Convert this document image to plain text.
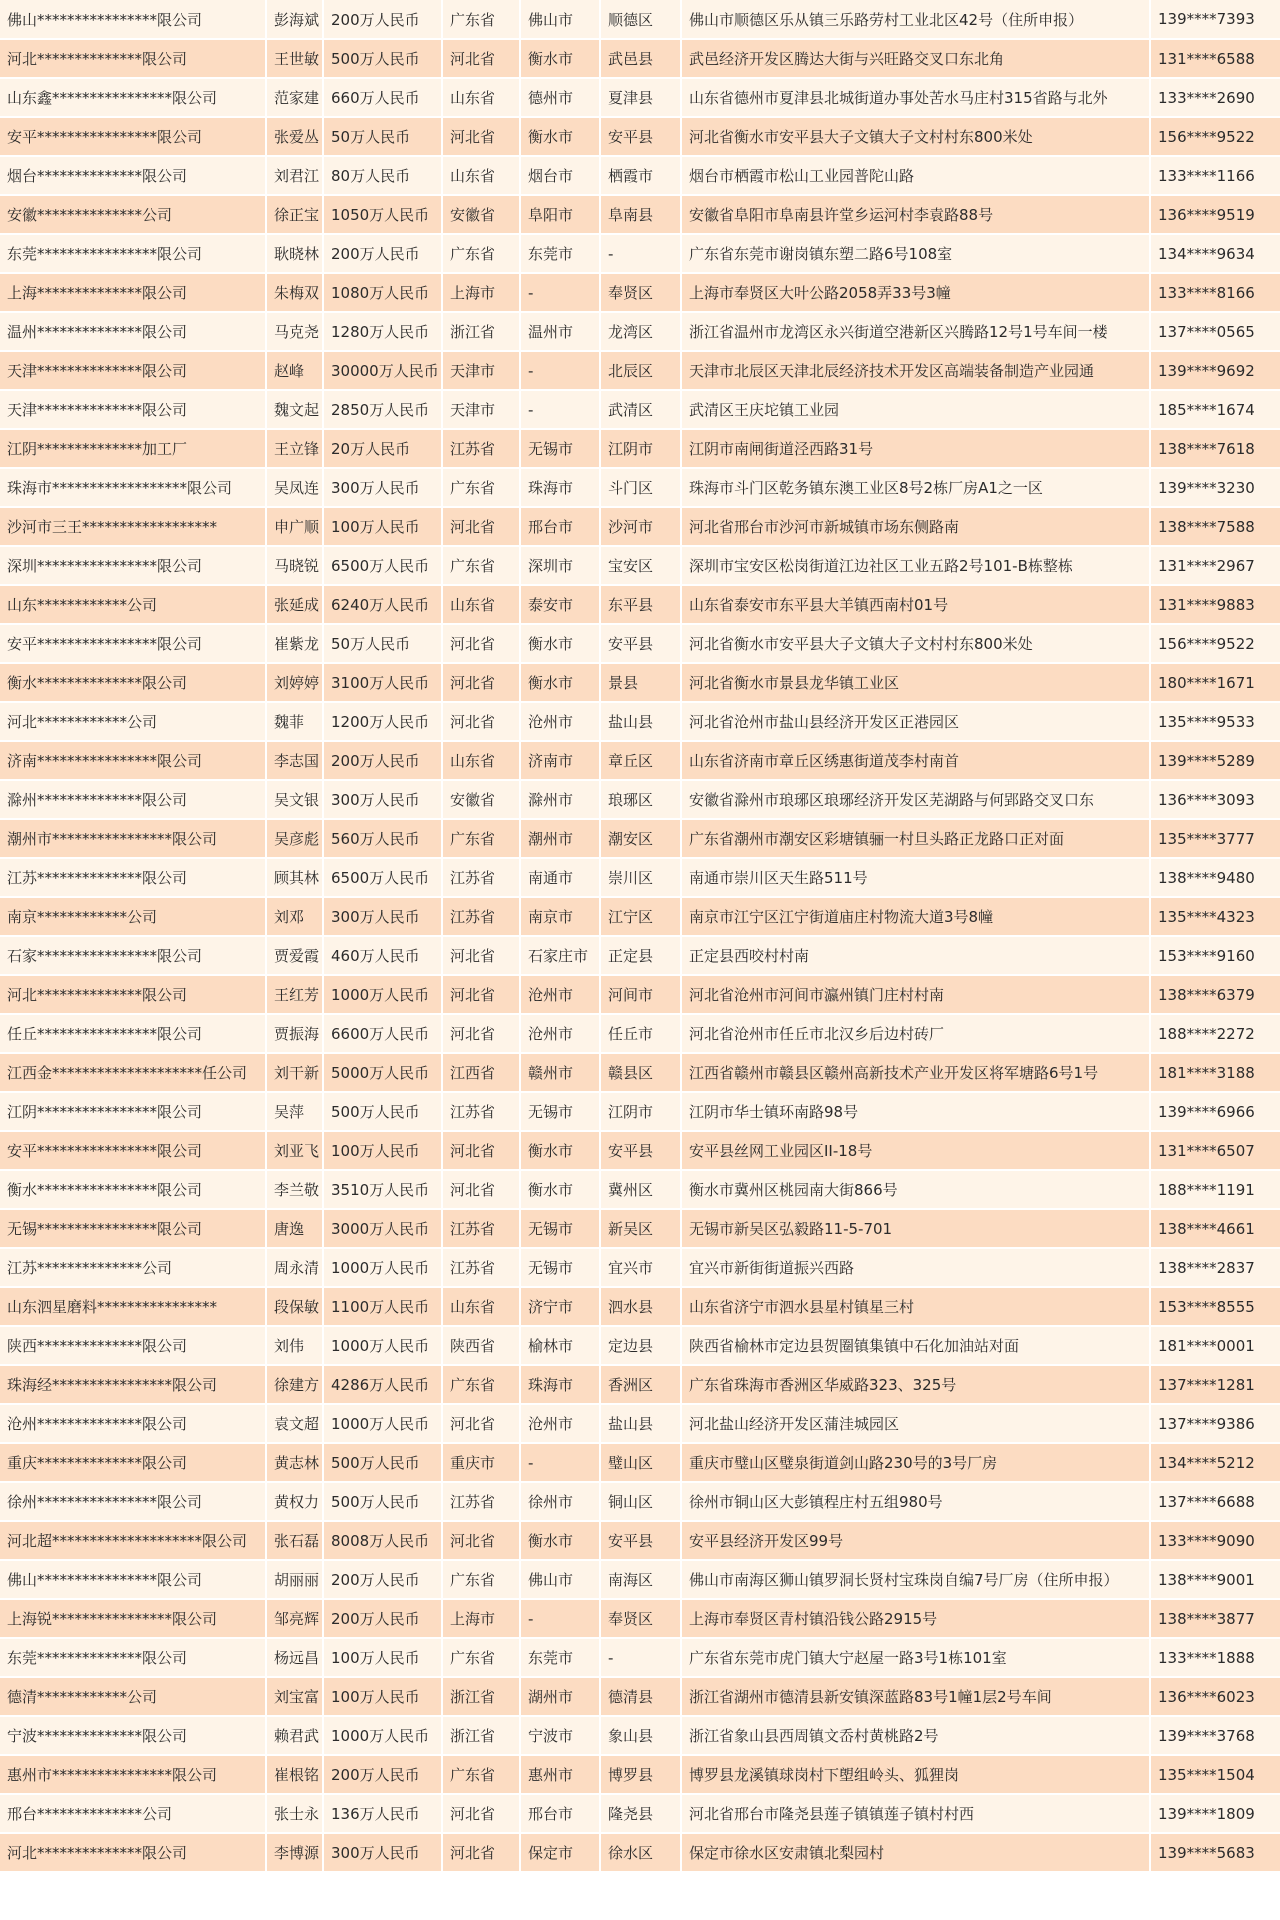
佛山****************限公司	彭海斌	200万人民币	广东省	佛山市	顺德区	佛山市顺德区乐从镇三乐路劳村工业北区42号（住所申报）	139****7393
河北**************限公司	王世敏	500万人民币	河北省	衡水市	武邑县	武邑经济开发区腾达大街与兴旺路交叉口东北角	131****6588
山东鑫****************限公司	范家建	660万人民币	山东省	德州市	夏津县	山东省德州市夏津县北城街道办事处苦水马庄村315省路与北外	133****2690
安平****************限公司	张爱丛	50万人民币	河北省	衡水市	安平县	河北省衡水市安平县大子文镇大子文村村东800米处	156****9522
烟台**************限公司	刘君江	80万人民币	山东省	烟台市	栖霞市	烟台市栖霞市松山工业园普陀山路	133****1166
安徽**************公司	徐正宝	1050万人民币	安徽省	阜阳市	阜南县	安徽省阜阳市阜南县许堂乡运河村李袁路88号	136****9519
东莞****************限公司	耿晓林	200万人民币	广东省	东莞市	-	广东省东莞市谢岗镇东塑二路6号108室	134****9634
上海**************限公司	朱梅双	1080万人民币	上海市	-	奉贤区	上海市奉贤区大叶公路2058弄33号3幢	133****8166
温州**************限公司	马克尧	1280万人民币	浙江省	温州市	龙湾区	浙江省温州市龙湾区永兴街道空港新区兴腾路12号1号车间一楼	137****0565
天津**************限公司	赵峰	30000万人民币	天津市	-	北辰区	天津市北辰区天津北辰经济技术开发区高端装备制造产业园通	139****9692
天津**************限公司	魏文起	2850万人民币	天津市	-	武清区	武清区王庆坨镇工业园	185****1674
江阴**************加工厂	王立锋	20万人民币	江苏省	无锡市	江阴市	江阴市南闸街道泾西路31号	138****7618
珠海市******************限公司	吴凤连	300万人民币	广东省	珠海市	斗门区	珠海市斗门区乾务镇东澳工业区8号2栋厂房A1之一区	139****3230
沙河市三王******************	申广顺	100万人民币	河北省	邢台市	沙河市	河北省邢台市沙河市新城镇市场东侧路南	138****7588
深圳****************限公司	马晓锐	6500万人民币	广东省	深圳市	宝安区	深圳市宝安区松岗街道江边社区工业五路2号101-B栋整栋	131****2967
山东************公司	张延成	6240万人民币	山东省	泰安市	东平县	山东省泰安市东平县大羊镇西南村01号	131****9883
安平****************限公司	崔紫龙	50万人民币	河北省	衡水市	安平县	河北省衡水市安平县大子文镇大子文村村东800米处	156****9522
衡水**************限公司	刘婷婷	3100万人民币	河北省	衡水市	景县	河北省衡水市景县龙华镇工业区	180****1671
河北************公司	魏菲	1200万人民币	河北省	沧州市	盐山县	河北省沧州市盐山县经济开发区正港园区	135****9533
济南****************限公司	李志国	200万人民币	山东省	济南市	章丘区	山东省济南市章丘区绣惠街道茂李村南首	139****5289
滁州**************限公司	吴文银	300万人民币	安徽省	滁州市	琅琊区	安徽省滁州市琅琊区琅琊经济开发区芜湖路与何郢路交叉口东	136****3093
潮州市****************限公司	吴彦彪	560万人民币	广东省	潮州市	潮安区	广东省潮州市潮安区彩塘镇骊一村旦头路正龙路口正对面	135****3777
江苏**************限公司	顾其林	6500万人民币	江苏省	南通市	崇川区	南通市崇川区天生路511号	138****9480
南京************公司	刘邓	300万人民币	江苏省	南京市	江宁区	南京市江宁区江宁街道庙庄村物流大道3号8幢	135****4323
石家****************限公司	贾爱霞	460万人民币	河北省	石家庄市	正定县	正定县西咬村村南	153****9160
河北**************限公司	王红芳	1000万人民币	河北省	沧州市	河间市	河北省沧州市河间市瀛州镇门庄村村南	138****6379
任丘****************限公司	贾振海	6600万人民币	河北省	沧州市	任丘市	河北省沧州市任丘市北汉乡后边村砖厂	188****2272
江西金********************任公司	刘干新	5000万人民币	江西省	赣州市	赣县区	江西省赣州市赣县区赣州高新技术产业开发区将军塘路6号1号	181****3188
江阴****************限公司	吴萍	500万人民币	江苏省	无锡市	江阴市	江阴市华士镇环南路98号	139****6966
安平****************限公司	刘亚飞	100万人民币	河北省	衡水市	安平县	安平县丝网工业园区II-18号	131****6507
衡水****************限公司	李兰敬	3510万人民币	河北省	衡水市	冀州区	衡水市冀州区桃园南大街866号	188****1191
无锡****************限公司	唐逸	3000万人民币	江苏省	无锡市	新吴区	无锡市新吴区弘毅路11-5-701	138****4661
江苏**************公司	周永清	1000万人民币	江苏省	无锡市	宜兴市	宜兴市新街街道振兴西路	138****2837
山东泗星磨料****************	段保敏	1100万人民币	山东省	济宁市	泗水县	山东省济宁市泗水县星村镇星三村	153****8555
陕西**************限公司	刘伟	1000万人民币	陕西省	榆林市	定边县	陕西省榆林市定边县贺圈镇集镇中石化加油站对面	181****0001
珠海经****************限公司	徐建方	4286万人民币	广东省	珠海市	香洲区	广东省珠海市香洲区华威路323、325号	137****1281
沧州**************限公司	袁文超	1000万人民币	河北省	沧州市	盐山县	河北盐山经济开发区蒲洼城园区	137****9386
重庆**************限公司	黄志林	500万人民币	重庆市	-	璧山区	重庆市璧山区璧泉街道剑山路230号的3号厂房	134****5212
徐州****************限公司	黄权力	500万人民币	江苏省	徐州市	铜山区	徐州市铜山区大彭镇程庄村五组980号	137****6688
河北超********************限公司	张石磊	8008万人民币	河北省	衡水市	安平县	安平县经济开发区99号	133****9090
佛山****************限公司	胡丽丽	200万人民币	广东省	佛山市	南海区	佛山市南海区狮山镇罗洞长贤村宝珠岗自编7号厂房（住所申报）	138****9001
上海锐****************限公司	邹亮辉	200万人民币	上海市	-	奉贤区	上海市奉贤区青村镇沿钱公路2915号	138****3877
东莞**************限公司	杨远昌	100万人民币	广东省	东莞市	-	广东省东莞市虎门镇大宁赵屋一路3号1栋101室	133****1888
德清************公司	刘宝富	100万人民币	浙江省	湖州市	德清县	浙江省湖州市德清县新安镇深蓝路83号1幢1层2号车间	136****6023
宁波**************限公司	赖君武	1000万人民币	浙江省	宁波市	象山县	浙江省象山县西周镇文岙村黄桃路2号	139****3768
惠州市****************限公司	崔根铭	200万人民币	广东省	惠州市	博罗县	博罗县龙溪镇球岗村下塱组岭头、狐狸岗	135****1504
邢台**************公司	张士永	136万人民币	河北省	邢台市	隆尧县	河北省邢台市隆尧县莲子镇镇莲子镇村村西	139****1809
河北**************限公司	李博源	300万人民币	河北省	保定市	徐水区	保定市徐水区安肃镇北梨园村	139****5683
